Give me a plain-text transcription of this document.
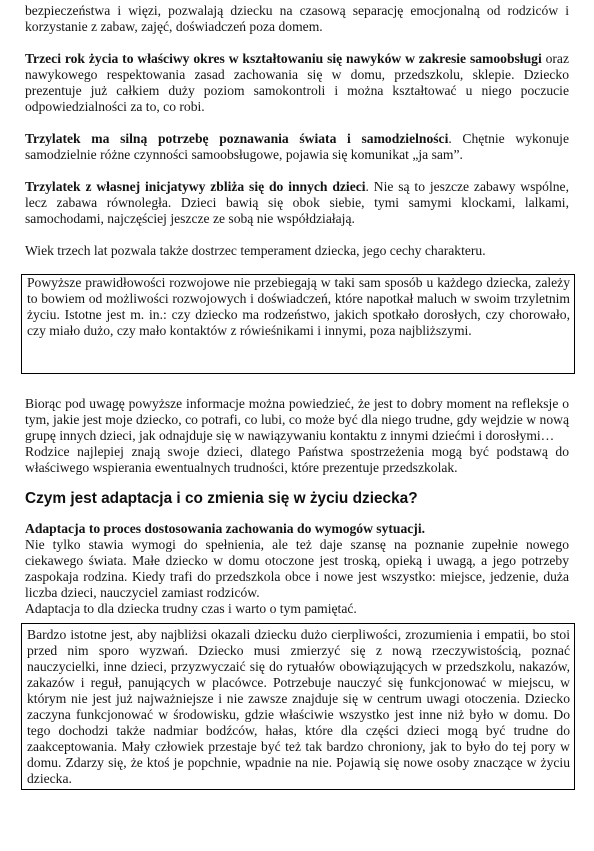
bezpieczeństwa i więzi, pozwalają dziecku na czasową separację emocjonalną od rodziców i korzystanie z zabaw, zajęć, doświadczeń poza domem.

Trzeci rok życia to właściwy okres w kształtowaniu się nawyków w zakresie samoobsługi oraz nawykowego respektowania zasad zachowania się w domu, przedszkolu, sklepie. Dziecko prezentuje już całkiem duży poziom samokontroli i można kształtować u niego poczucie odpowiedzialności za to, co robi.

Trzylatek ma silną potrzebę poznawania świata i samodzielności. Chętnie wykonuje samodzielnie różne czynności samoobsługowe, pojawia się komunikat „ja sam”.

Trzylatek z własnej inicjatywy zbliża się do innych dzieci. Nie są to jeszcze zabawy wspólne, lecz zabawa równoległa. Dzieci bawią się obok siebie, tymi samymi klockami, lalkami, samochodami, najczęściej jeszcze ze sobą nie współdziałają.

Wiek trzech lat pozwala także dostrzec temperament dziecka, jego cechy charakteru.

Powyższe prawidłowości rozwojowe nie przebiegają w taki sam sposób u każdego dziecka, zależy to bowiem od możliwości rozwojowych i doświadczeń, które napotkał maluch w swoim trzyletnim życiu. Istotne jest m. in.: czy dziecko ma rodzeństwo, jakich spotkało dorosłych, czy chorowało, czy miało dużo, czy mało kontaktów z rówieśnikami i innymi, poza najbliższymi.

Biorąc pod uwagę powyższe informacje można powiedzieć, że jest to dobry moment na refleksje o tym, jakie jest moje dziecko, co potrafi, co lubi, co może być dla niego trudne, gdy wejdzie w nową grupę innych dzieci, jak odnajduje się w nawiązywaniu kontaktu z innymi dziećmi i dorosłymi…

Rodzice najlepiej znają swoje dzieci, dlatego Państwa spostrzeżenia mogą być podstawą do właściwego wspierania ewentualnych trudności, które prezentuje przedszkolak.

Czym jest adaptacja i co zmienia się w życiu dziecka?

Adaptacja to proces dostosowania zachowania do wymogów sytuacji.

Nie tylko stawia wymogi do spełnienia, ale też daje szansę na poznanie zupełnie nowego ciekawego świata. Małe dziecko w domu otoczone jest troską, opieką i uwagą, a jego potrzeby zaspokaja rodzina. Kiedy trafi do przedszkola obce i nowe jest wszystko: miejsce, jedzenie, duża liczba dzieci, nauczyciel zamiast rodziców.

Adaptacja to dla dziecka trudny czas i warto o tym pamiętać.

Bardzo istotne jest, aby najbliżsi okazali dziecku dużo cierpliwości, zrozumienia i empatii, bo stoi przed nim sporo wyzwań. Dziecko musi zmierzyć się z nową rzeczywistością, poznać nauczycielki, inne dzieci, przyzwyczaić się do rytuałów obowiązujących w przedszkolu, nakazów, zakazów i reguł, panujących w placówce. Potrzebuje nauczyć się funkcjonować w miejscu, w którym nie jest już najważniejsze i nie zawsze znajduje się w centrum uwagi otoczenia. Dziecko zaczyna funkcjonować w środowisku, gdzie właściwie wszystko jest inne niż było w domu. Do tego dochodzi także nadmiar bodźców, hałas, które dla części dzieci mogą być trudne do zaakceptowania. Mały człowiek przestaje być też tak bardzo chroniony, jak to było do tej pory w domu. Zdarzy się, że ktoś je popchnie, wpadnie na nie. Pojawią się nowe osoby znaczące w życiu dziecka.
